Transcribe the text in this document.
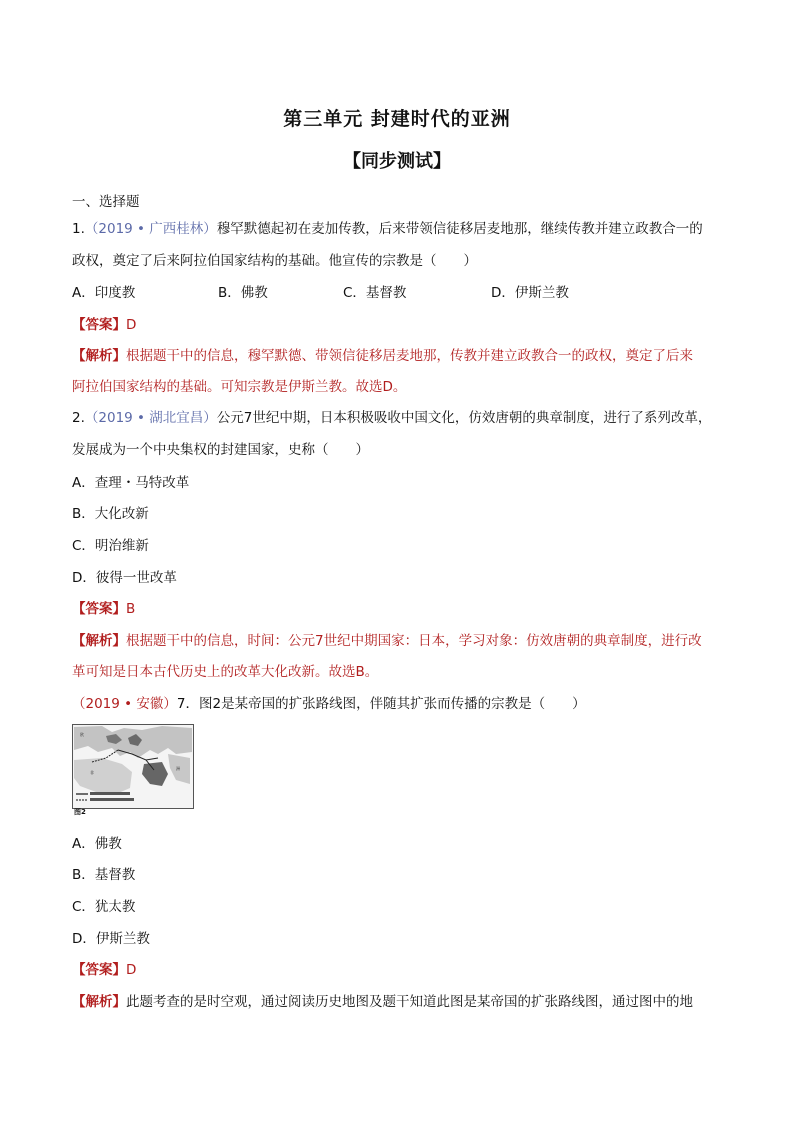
第三单元 封建时代的亚洲
【同步测试】
一、选择题
1.（2019 • 广西桂林）穆罕默德起初在麦加传教，后来带领信徒移居麦地那，继续传教并建立政教合一的
政权，奠定了后来阿拉伯国家结构的基础。他宣传的宗教是（　　）
A．印度教	B．佛教	C．基督教	D．伊斯兰教
【答案】D
【解析】根据题干中的信息，穆罕默德、带领信徒移居麦地那，传教并建立政教合一的政权，奠定了后来
阿拉伯国家结构的基础。可知宗教是伊斯兰教。故选D。
2.（2019 • 湖北宜昌）公元7世纪中期，日本积极吸收中国文化，仿效唐朝的典章制度，进行了系列改革，
发展成为一个中央集权的封建国家，史称（　　）
A．查理・马特改革
B．大化改新
C．明治维新
D．彼得一世改革
【答案】B
【解析】根据题干中的信息，时间：公元7世纪中期国家：日本，学习对象：仿效唐朝的典章制度，进行改
革可知是日本古代历史上的改革大化改新。故选B。
（2019 • 安徽）7．图2是某帝国的扩张路线图，伴随其扩张而传播的宗教是（　　）
欧
非
洲
图2
A．佛教
B．基督教
C．犹太教
D．伊斯兰教
【答案】D
【解析】此题考查的是时空观，通过阅读历史地图及题干知道此图是某帝国的扩张路线图，通过图中的地
